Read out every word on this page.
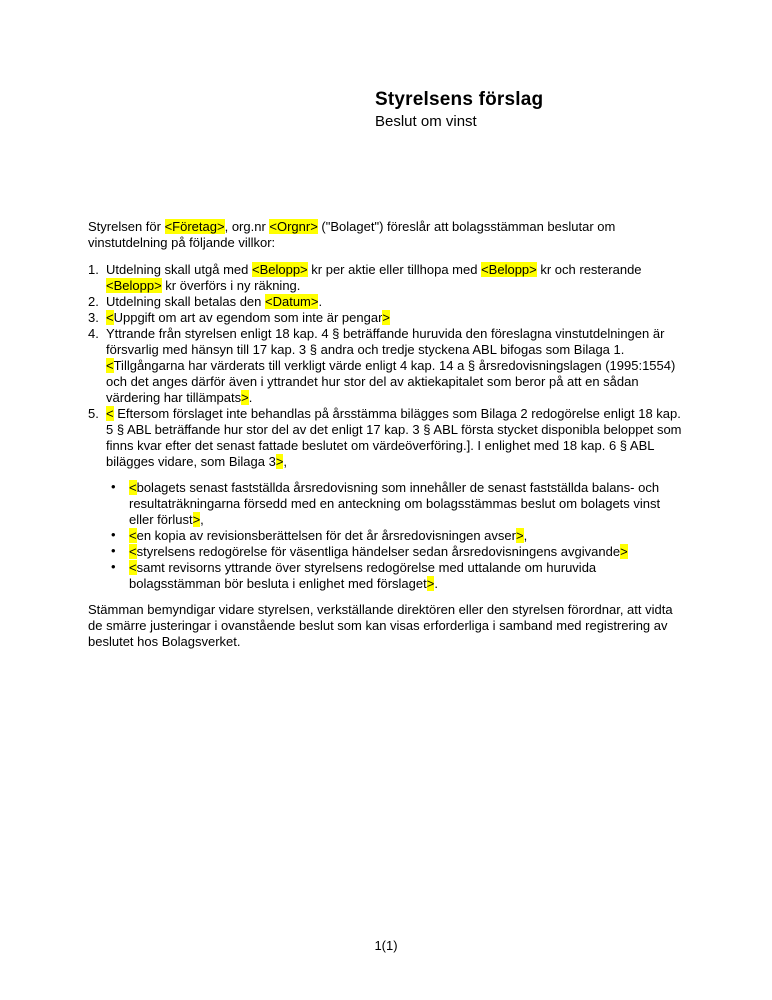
Styrelsens förslag
Beslut om vinst

Styrelsen för <Företag>, org.nr <Orgnr> ("Bolaget") föreslår att bolagsstämman beslutar om vinstutdelning på följande villkor:

1. Utdelning skall utgå med <Belopp> kr per aktie eller tillhopa med <Belopp> kr och resterande <Belopp> kr överförs i ny räkning.
2. Utdelning skall betalas den <Datum>.
3. <Uppgift om art av egendom som inte är pengar>
4. Yttrande från styrelsen enligt 18 kap. 4 § beträffande huruvida den föreslagna vinstutdelningen är försvarlig med hänsyn till 17 kap. 3 § andra och tredje styckena ABL bifogas som Bilaga 1. <Tillgångarna har värderats till verkligt värde enligt 4 kap. 14 a § årsredovisningslagen (1995:1554) och det anges därför även i yttrandet hur stor del av aktiekapitalet som beror på att en sådan värdering har tillämpats>.
5. < Eftersom förslaget inte behandlas på årsstämma bilägges som Bilaga 2 redogörelse enligt 18 kap. 5 § ABL beträffande hur stor del av det enligt 17 kap. 3 § ABL första stycket disponibla beloppet som finns kvar efter det senast fattade beslutet om värdeöverföring.]. I enlighet med 18 kap. 6 § ABL bilägges vidare, som Bilaga 3>,
• <bolagets senast fastställda årsredovisning som innehåller de senast fastställda balans- och resultaträkningarna försedd med en anteckning om bolagsstämmas beslut om bolagets vinst eller förlust>,
• <en kopia av revisionsberättelsen för det år årsredovisningen avser>,
• <styrelsens redogörelse för väsentliga händelser sedan årsredovisningens avgivande>
• <samt revisorns yttrande över styrelsens redogörelse med uttalande om huruvida bolagsstämman bör besluta i enlighet med förslaget>.

Stämman bemyndigar vidare styrelsen, verkställande direktören eller den styrelsen förordnar, att vidta de smärre justeringar i ovanstående beslut som kan visas erforderliga i samband med registrering av beslutet hos Bolagsverket.

1(1)
